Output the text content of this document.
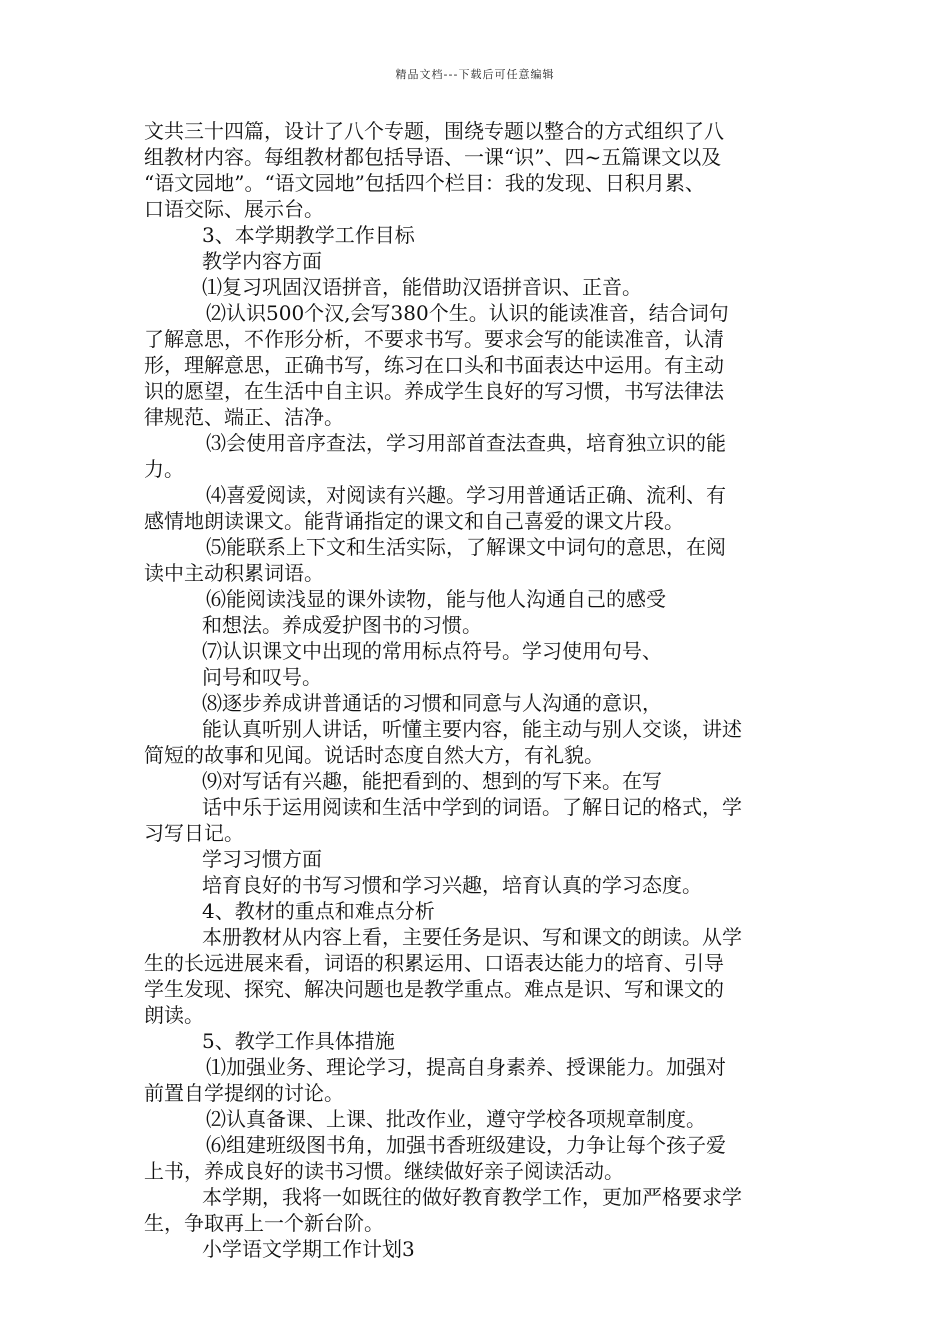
精品文档---下载后可任意编辑
文共三十四篇，设计了八个专题，围绕专题以整合的方式组织了八
组教材内容。每组教材都包括导语、一课“识”、四~五篇课文以及
“语文园地”。“语文园地”包括四个栏目：我的发现、日积月累、
口语交际、展示台。
3、本学期教学工作目标
教学内容方面
⑴复习巩固汉语拼音，能借助汉语拼音识、正音。
⑵认识500个汉,会写380个生。认识的能读准音，结合词句
了解意思，不作形分析，不要求书写。要求会写的能读准音，认清
形，理解意思，正确书写，练习在口头和书面表达中运用。有主动
识的愿望，在生活中自主识。养成学生良好的写习惯，书写法律法
律规范、端正、洁净。
⑶会使用音序查法，学习用部首查法查典，培育独立识的能
力。
⑷喜爱阅读，对阅读有兴趣。学习用普通话正确、流利、有
感情地朗读课文。能背诵指定的课文和自己喜爱的课文片段。
⑸能联系上下文和生活实际，了解课文中词句的意思，在阅
读中主动积累词语。
⑹能阅读浅显的课外读物，能与他人沟通自己的感受
和想法。养成爱护图书的习惯。
⑺认识课文中出现的常用标点符号。学习使用句号、
问号和叹号。
⑻逐步养成讲普通话的习惯和同意与人沟通的意识，
能认真听别人讲话，听懂主要内容，能主动与别人交谈，讲述
简短的故事和见闻。说话时态度自然大方，有礼貌。
⑼对写话有兴趣，能把看到的、想到的写下来。在写
话中乐于运用阅读和生活中学到的词语。了解日记的格式，学
习写日记。
学习习惯方面
培育良好的书写习惯和学习兴趣，培育认真的学习态度。
4、教材的重点和难点分析
本册教材从内容上看，主要任务是识、写和课文的朗读。从学
生的长远进展来看，词语的积累运用、口语表达能力的培育、引导
学生发现、探究、解决问题也是教学重点。难点是识、写和课文的
朗读。
5、教学工作具体措施
⑴加强业务、理论学习，提高自身素养、授课能力。加强对
前置自学提纲的讨论。
⑵认真备课、上课、批改作业，遵守学校各项规章制度。
⑹组建班级图书角，加强书香班级建设，力争让每个孩子爱
上书，养成良好的读书习惯。继续做好亲子阅读活动。
本学期，我将一如既往的做好教育教学工作，更加严格要求学
生，争取再上一个新台阶。
小学语文学期工作计划3
